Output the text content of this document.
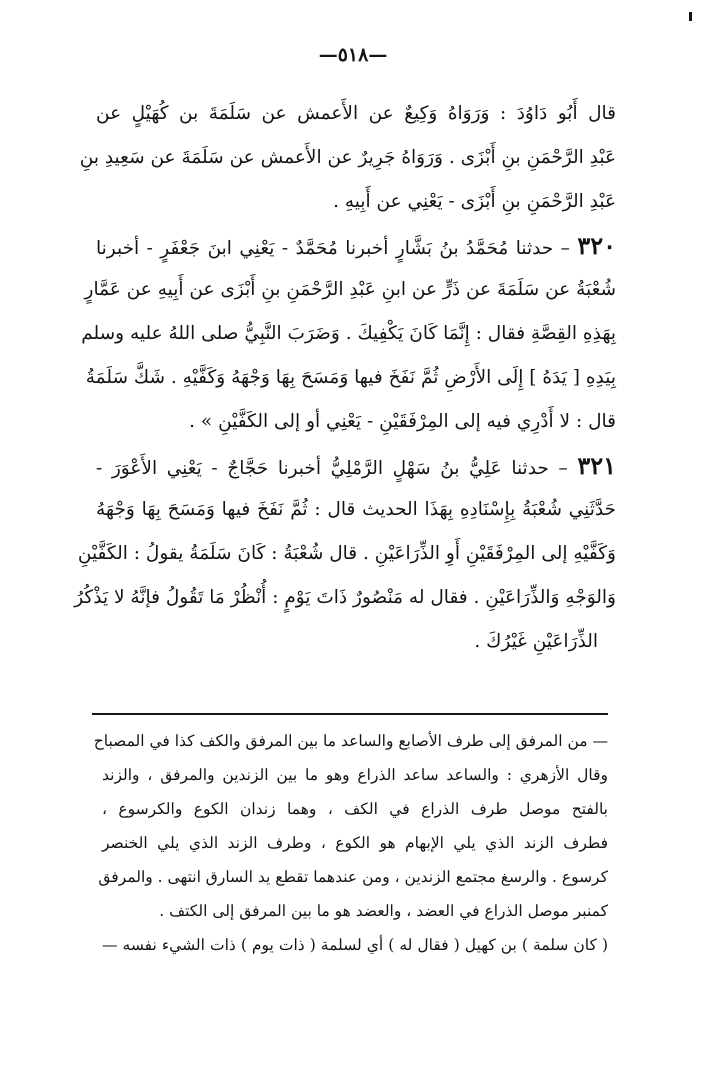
—٥١٨—
قال أَبُو دَاوُدَ : وَرَوَاهُ وَكِيعٌ عن الأَعمش عن سَلَمَةَ بن كُهَيْلٍ عن
عَبْدِ الرَّحْمَنِ بنِ أَبْزَى . وَرَوَاهُ جَرِيرٌ عن الأَعمش عن سَلَمَةَ عن سَعِيدِ بنِ
عَبْدِ الرَّحْمَنِ بنِ أَبْزَى - يَعْنِي عن أَبِيهِ .
٣٢٠ – حدثنا مُحَمَّدُ بنُ بَشَّارٍ أخبرنا مُحَمَّدٌ - يَعْنِي ابنَ جَعْفَرٍ - أخبرنا
شُعْبَةُ عن سَلَمَةَ عن ذَرٍّ عن ابنِ عَبْدِ الرَّحْمَنِ بنِ أَبْزَى عن أَبِيهِ عن عَمَّارٍ
بِهَذِهِ القِصَّةِ فقال : إِنَّمَا كَانَ يَكْفِيكَ . وَضَرَبَ النَّبِيُّ صلى اللهُ عليه وسلم
بِيَدِهِ [ يَدَهُ ] إِلَى الأَرْضِ ثُمَّ نَفَخَ فيها وَمَسَحَ بِهَا وَجْهَهُ وَكَفَّيْهِ . شَكَّ سَلَمَةُ
قال : لا أَدْرِي فيه إلى المِرْفَقَيْنِ - يَعْنِي أو إلى الكَفَّيْنِ » .
٣٢١ – حدثنا عَلِيُّ بنُ سَهْلٍ الرَّمْلِيُّ أخبرنا حَجَّاجٌ - يَعْنِي الأَعْوَرَ -
حَدَّثَنِي شُعْبَةُ بِإِسْنَادِهِ بِهَذَا الحديث قال : ثُمَّ نَفَخَ فيها وَمَسَحَ بِهَا وَجْهَهُ
وَكَفَّيْهِ إلى المِرْفَقَيْنِ أَوِ الذِّرَاعَيْنِ . قال شُعْبَةُ : كَانَ سَلَمَةُ يقولُ : الكَفَّيْنِ
وَالوَجْهِ وَالذِّرَاعَيْنِ . فقال له مَنْصُورٌ ذَاتَ يَوْمٍ : أُنْظُرْ مَا تَقُولُ فإنَّهُ لا يَذْكُرُ
الذِّرَاعَيْنِ غَيْرُكَ .
— من المرفق إلى طرف الأصابع والساعد ما بين المرفق والكف كذا في المصباح
وقال الأزهري : والساعد ساعد الذراع وهو ما بين الزندين والمرفق ، والزند
بالفتح موصل طرف الذراع في الكف ، وهما زندان الكوع والكرسوع ،
فطرف الزند الذي يلي الإبهام هو الكوع ، وطرف الزند الذي يلي الخنصر
كرسوع . والرسغ مجتمع الزندين ، ومن عندهما تقطع يد السارق انتهى . والمرفق
كمنبر موصل الذراع في العضد ، والعضد هو ما بين المرفق إلى الكتف .
( كان سلمة ) بن كهيل ( فقال له ) أي لسلمة ( ذات يوم ) ذات الشيء نفسه —
